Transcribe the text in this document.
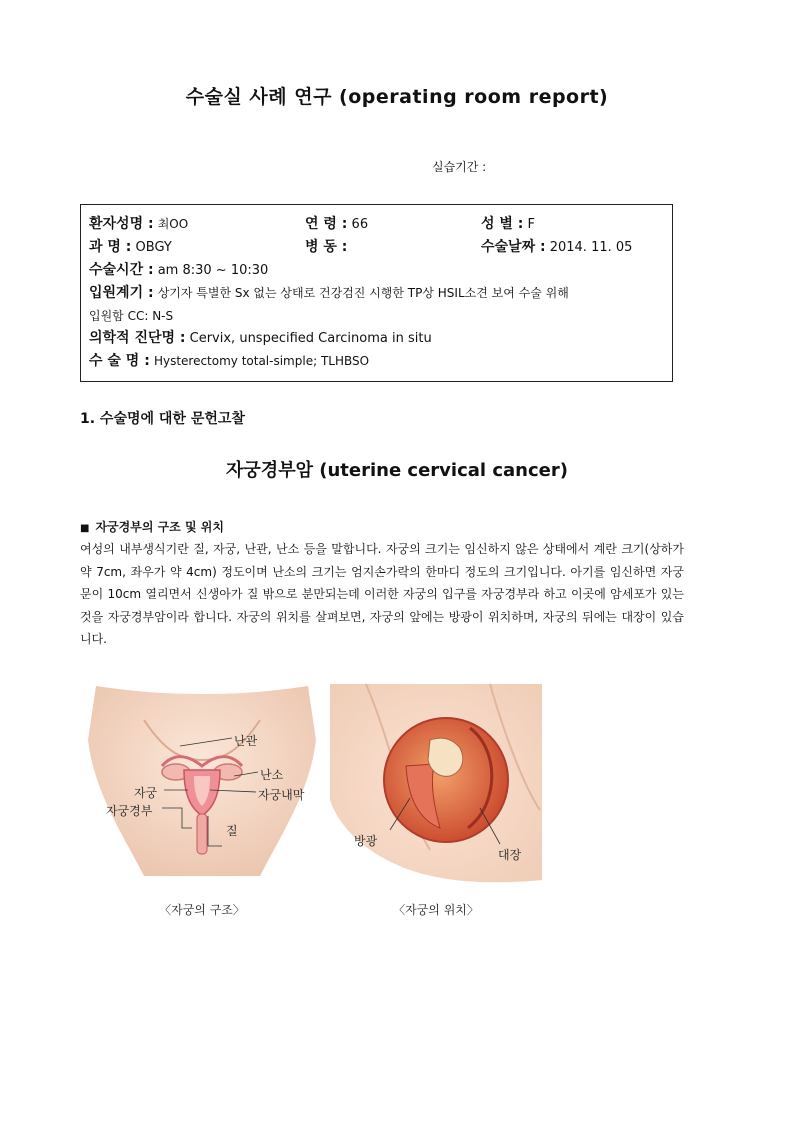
수술실 사례 연구 (operating room report)
실습기간 :
환자성명 : 최OO	연 령 : 66	성 별 : F
과 명 : OBGY	병 동 :	수술날짜 : 2014. 11. 05
수술시간 : am 8:30 ~ 10:30
입원계기 : 상기자 특별한 Sx 없는 상태로 건강검진 시행한 TP상 HSIL소견 보여 수술 위해
입원함 CC: N-S
의학적 진단명 : Cervix, unspecified Carcinoma in situ
수 술 명 : Hysterectomy total-simple; TLHBSO
1. 수술명에 대한 문헌고찰
자궁경부암 (uterine cervical cancer)
■ 자궁경부의 구조 및 위치
여성의 내부생식기란 질, 자궁, 난관, 난소 등을 말합니다. 자궁의 크기는 임신하지 않은 상태에서 계란 크기(상하가 약 7cm, 좌우가 약 4cm) 정도이며 난소의 크기는 엄지손가락의 한마디 정도의 크기입니다. 아기를 임신하면 자궁 문이 10cm 열리면서 신생아가 질 밖으로 분만되는데 이러한 자궁의 입구를 자궁경부라 하고 이곳에 암세포가 있는 것을 자궁경부암이라 합니다. 자궁의 위치를 살펴보면, 자궁의 앞에는 방광이 위치하며, 자궁의 뒤에는 대장이 있습니다.
난관
난소
자궁	자궁내막
자궁경부
질
〈자궁의 구조〉
방광
대장
〈자궁의 위치〉
